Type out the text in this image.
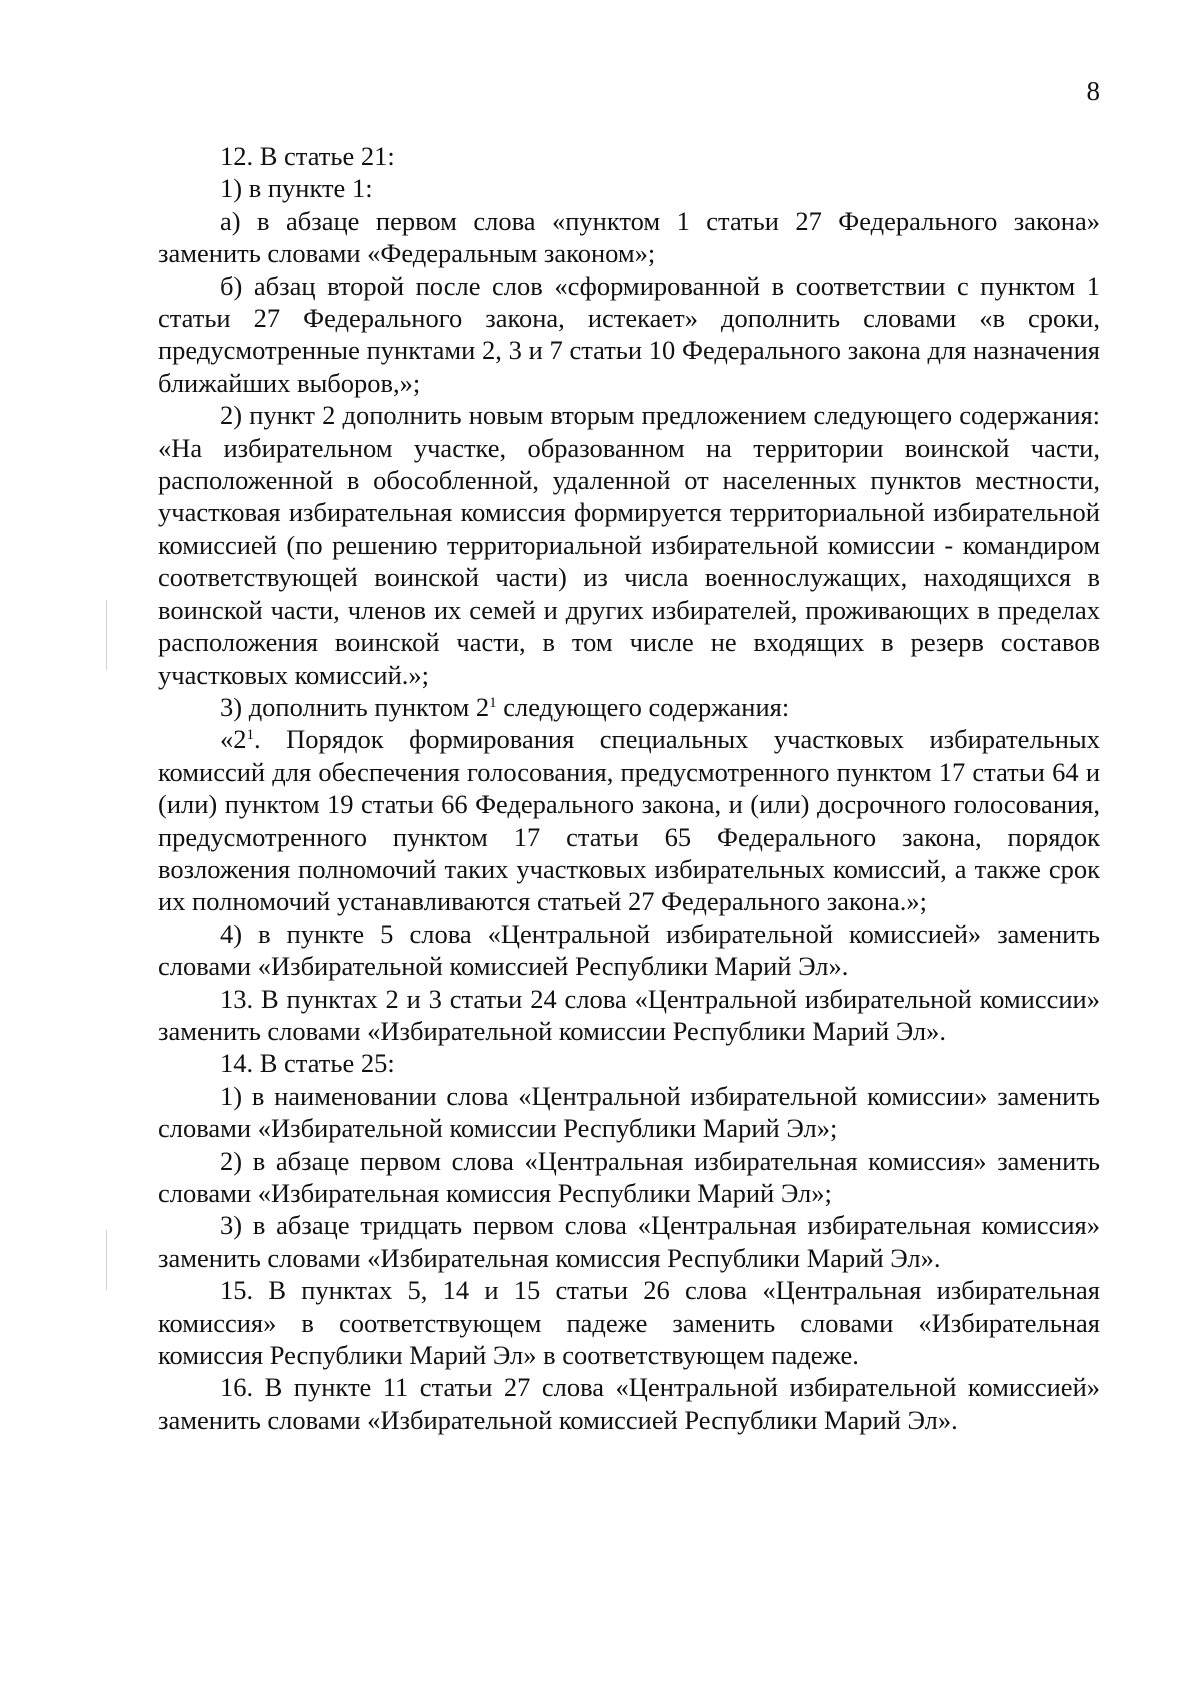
8

12. В статье 21:

1) в пункте 1:

а) в абзаце первом слова «пунктом 1 статьи 27 Федерального закона» заменить словами «Федеральным законом»;

б) абзац второй после слов «сформированной в соответствии с пунктом 1 статьи 27 Федерального закона, истекает» дополнить словами «в сроки, предусмотренные пунктами 2, 3 и 7 статьи 10 Федерального закона для назначения ближайших выборов,»;

2) пункт 2 дополнить новым вторым предложением следующего содержания: «На избирательном участке, образованном на территории воинской части, расположенной в обособленной, удаленной от населенных пунктов местности, участковая избирательная комиссия формируется территориальной избирательной комиссией (по решению территориальной избирательной комиссии - командиром соответствующей воинской части) из числа военнослужащих, находящихся в воинской части, членов их семей и других избирателей, проживающих в пределах расположения воинской части, в том числе не входящих в резерв составов участковых комиссий.»;

3) дополнить пунктом $2^1$ следующего содержания:

«$2^1$. Порядок формирования специальных участковых избирательных комиссий для обеспечения голосования, предусмотренного пунктом 17 статьи 64 и (или) пунктом 19 статьи 66 Федерального закона, и (или) досрочного голосования, предусмотренного пунктом 17 статьи 65 Федерального закона, порядок возложения полномочий таких участковых избирательных комиссий, а также срок их полномочий устанавливаются статьей 27 Федерального закона.»;

4) в пункте 5 слова «Центральной избирательной комиссией» заменить словами «Избирательной комиссией Республики Марий Эл».

13. В пунктах 2 и 3 статьи 24 слова «Центральной избирательной комиссии» заменить словами «Избирательной комиссии Республики Марий Эл».

14. В статье 25:

1) в наименовании слова «Центральной избирательной комиссии» заменить словами «Избирательной комиссии Республики Марий Эл»;

2) в абзаце первом слова «Центральная избирательная комиссия» заменить словами «Избирательная комиссия Республики Марий Эл»;

3) в абзаце тридцать первом слова «Центральная избирательная комиссия» заменить словами «Избирательная комиссия Республики Марий Эл».

15. В пунктах 5, 14 и 15 статьи 26 слова «Центральная избирательная комиссия» в соответствующем падеже заменить словами «Избирательная комиссия Республики Марий Эл» в соответствующем падеже.

16. В пункте 11 статьи 27 слова «Центральной избирательной комиссией» заменить словами «Избирательной комиссией Республики Марий Эл».
